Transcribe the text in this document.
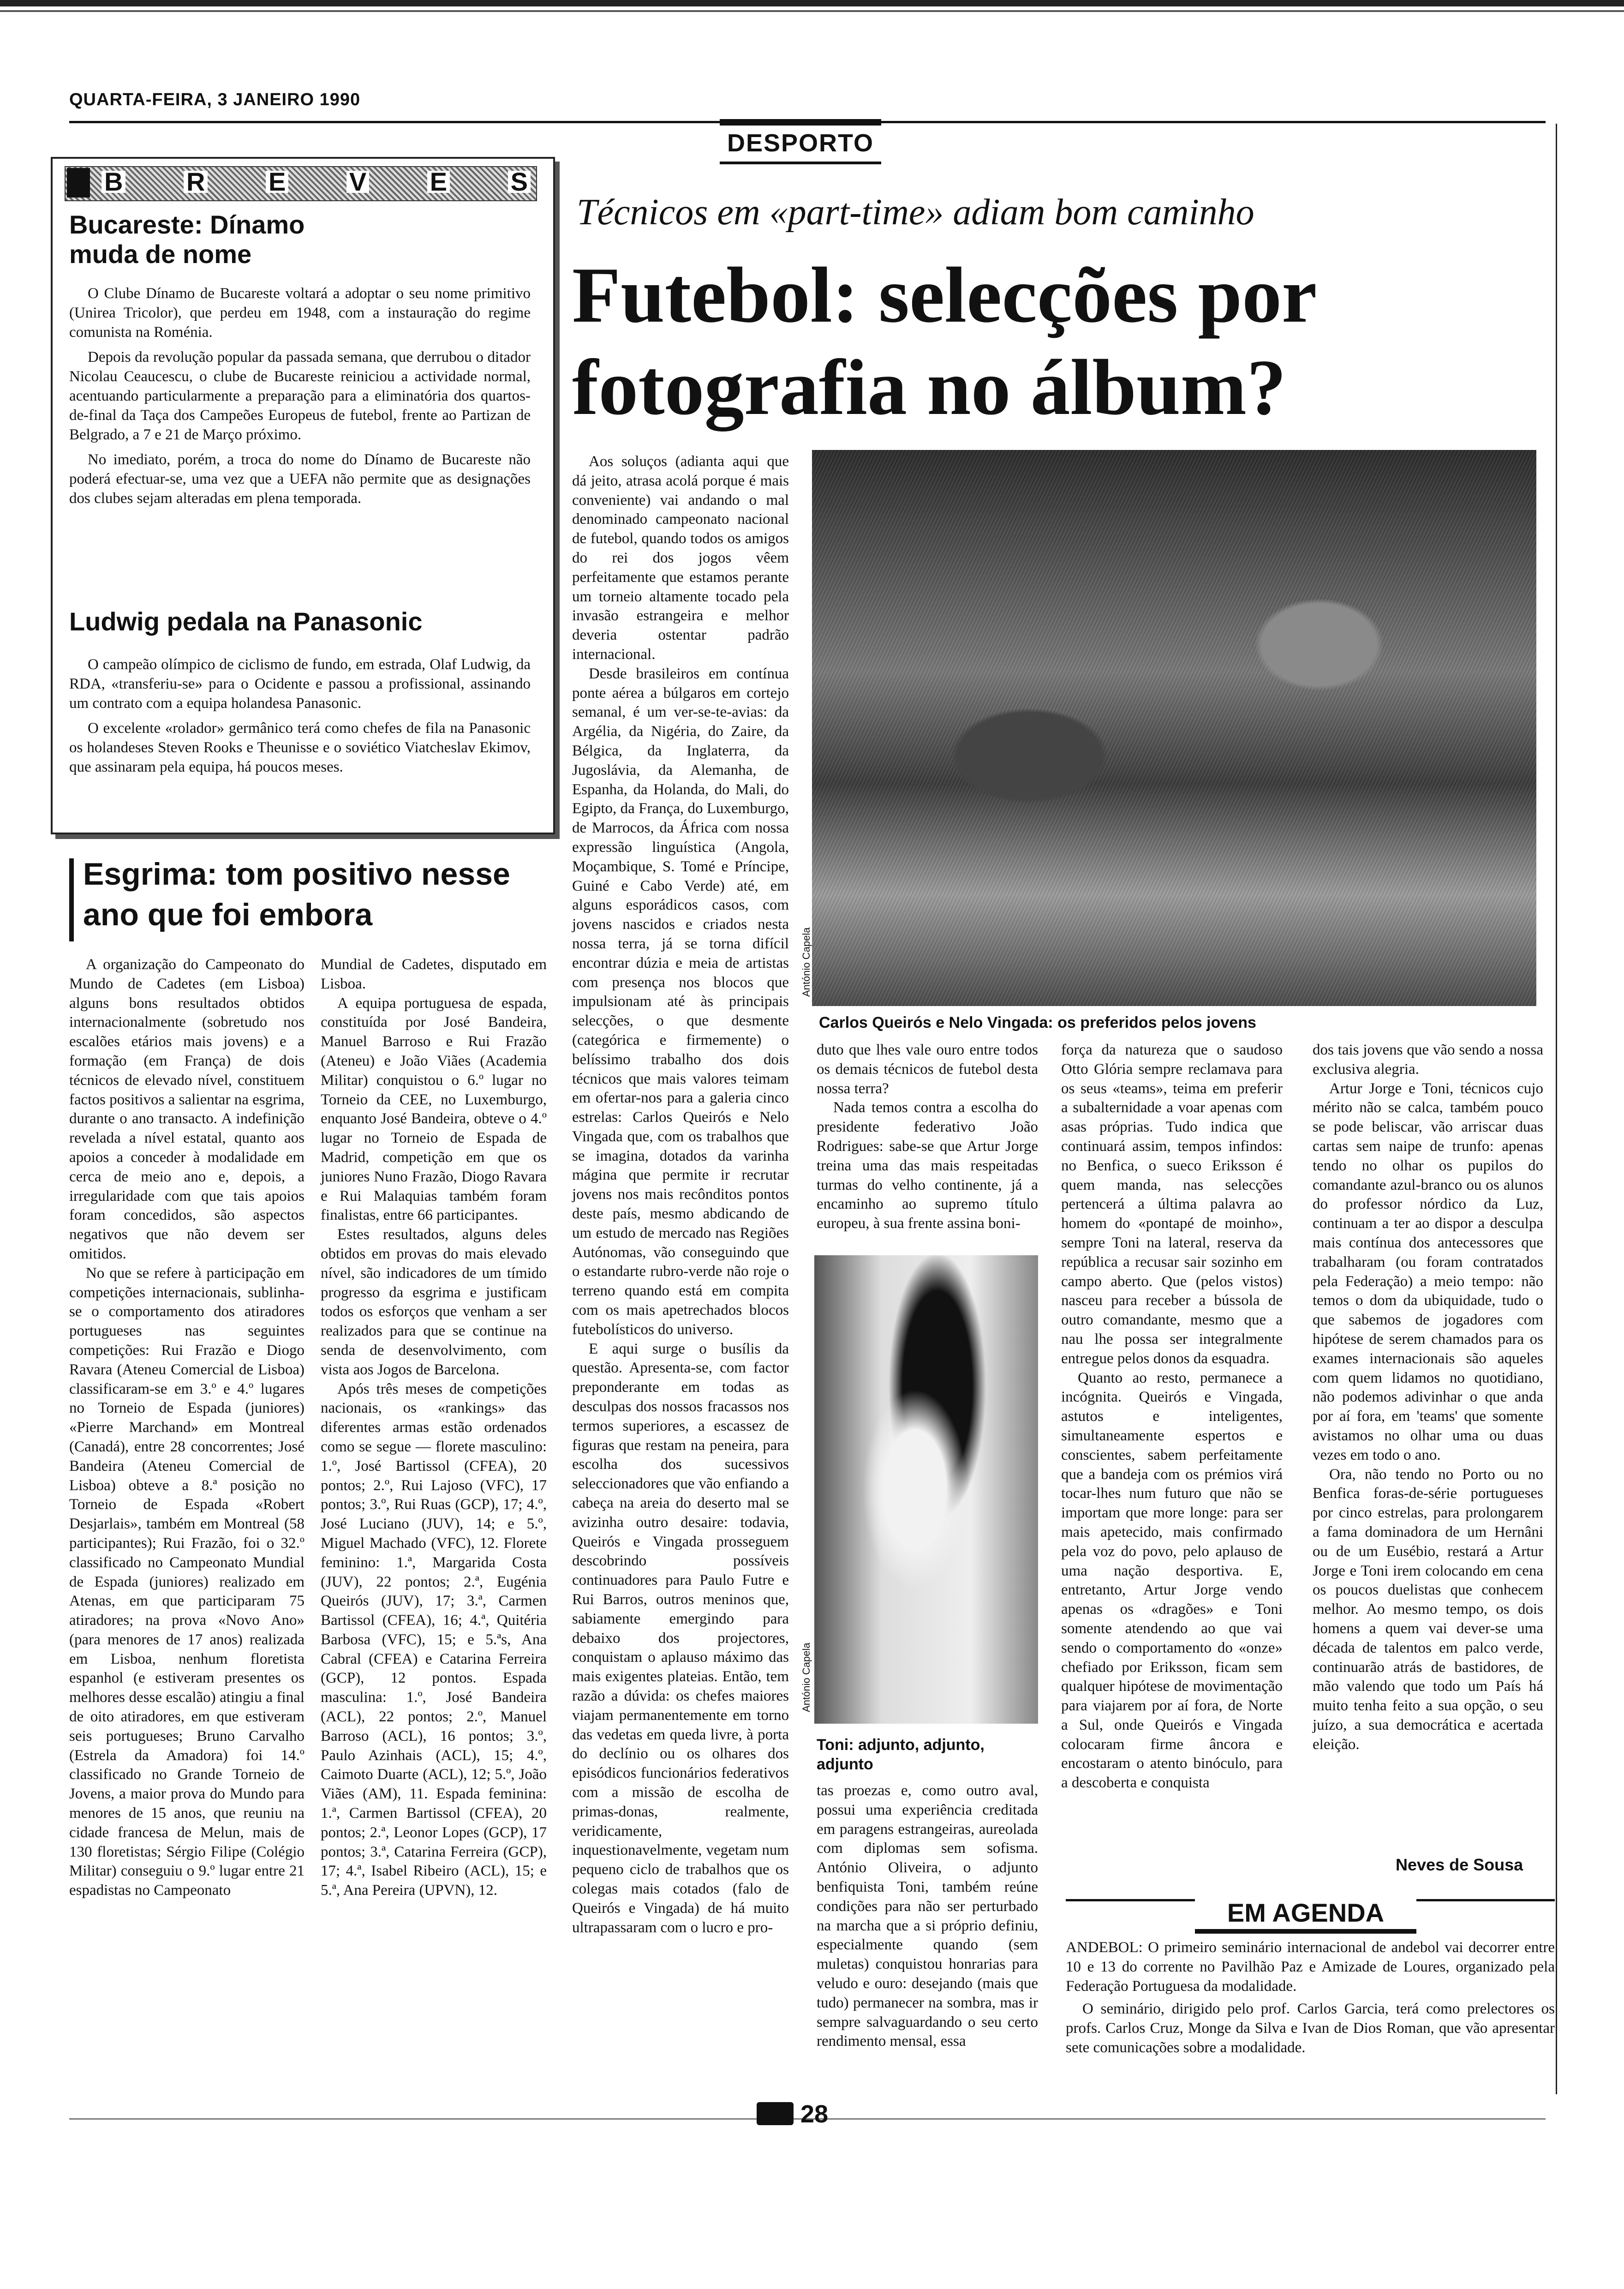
QUARTA-FEIRA, 3 JANEIRO 1990
DESPORTO
B R E V E S
Bucareste: Dínamo muda de nome

O Clube Dínamo de Bucareste voltará a adoptar o seu nome primitivo (Unirea Tricolor), que perdeu em 1948, com a instauração do regime comunista na Roménia.

Depois da revolução popular da passada semana, que derrubou o ditador Nicolau Ceaucescu, o clube de Bucareste reiniciou a actividade normal, acentuando particularmente a preparação para a eliminatória dos quartos-de-final da Taça dos Campeões Europeus de futebol, frente ao Partizan de Belgrado, a 7 e 21 de Março próximo.

No imediato, porém, a troca do nome do Dínamo de Bucareste não poderá efectuar-se, uma vez que a UEFA não permite que as designações dos clubes sejam alteradas em plena temporada.

Ludwig pedala na Panasonic

O campeão olímpico de ciclismo de fundo, em estrada, Olaf Ludwig, da RDA, «transferiu-se» para o Ocidente e passou a profissional, assinando um contrato com a equipa holandesa Panasonic.

O excelente «rolador» germânico terá como chefes de fila na Panasonic os holandeses Steven Rooks e Theunisse e o soviético Viatcheslav Ekimov, que assinaram pela equipa, há poucos meses.

Esgrima: tom positivo nesse ano que foi embora

A organização do Campeonato do Mundo de Cadetes (em Lisboa) alguns bons resultados obtidos internacionalmente (sobretudo nos escalões etários mais jovens) e a formação (em França) de dois técnicos de elevado nível, constituem factos positivos a salientar na esgrima, durante o ano transacto. A indefinição revelada a nível estatal, quanto aos apoios a conceder à modalidade em cerca de meio ano e, depois, a irregularidade com que tais apoios foram concedidos, são aspectos negativos que não devem ser omitidos.

No que se refere à participação em competições internacionais, sublinha-se o comportamento dos atiradores portugueses nas seguintes competições: Rui Frazão e Diogo Ravara (Ateneu Comercial de Lisboa) classificaram-se em 3.º e 4.º lugares no Torneio de Espada (juniores) «Pierre Marchand» em Montreal (Canadá), entre 28 concorrentes; José Bandeira (Ateneu Comercial de Lisboa) obteve a 8.ª posição no Torneio de Espada «Robert Desjarlais», também em Montreal (58 participantes); Rui Frazão, foi o 32.º classificado no Campeonato Mundial de Espada (juniores) realizado em Atenas, em que participaram 75 atiradores; na prova «Novo Ano» (para menores de 17 anos) realizada em Lisboa, nenhum floretista espanhol (e estiveram presentes os melhores desse escalão) atingiu a final de oito atiradores, em que estiveram seis portugueses; Bruno Carvalho (Estrela da Amadora) foi 14.º classificado no Grande Torneio de Jovens, a maior prova do Mundo para menores de 15 anos, que reuniu na cidade francesa de Melun, mais de 130 floretistas; Sérgio Filipe (Colégio Militar) conseguiu o 9.º lugar entre 21 espadistas no Campeonato

Mundial de Cadetes, disputado em Lisboa.

A equipa portuguesa de espada, constituída por José Bandeira, Manuel Barroso e Rui Frazão (Ateneu) e João Viães (Academia Militar) conquistou o 6.º lugar no Torneio da CEE, no Luxemburgo, enquanto José Bandeira, obteve o 4.º lugar no Torneio de Espada de Madrid, competição em que os juniores Nuno Frazão, Diogo Ravara e Rui Malaquias também foram finalistas, entre 66 participantes.

Estes resultados, alguns deles obtidos em provas do mais elevado nível, são indicadores de um tímido progresso da esgrima e justificam todos os esforços que venham a ser realizados para que se continue na senda de desenvolvimento, com vista aos Jogos de Barcelona.

Após três meses de competições nacionais, os «rankings» das diferentes armas estão ordenados como se segue — florete masculino: 1.º, José Bartissol (CFEA), 20 pontos; 2.º, Rui Lajoso (VFC), 17 pontos; 3.º, Rui Ruas (GCP), 17; 4.º, José Luciano (JUV), 14; e 5.º, Miguel Machado (VFC), 12. Florete feminino: 1.ª, Margarida Costa (JUV), 22 pontos; 2.ª, Eugénia Queirós (JUV), 17; 3.ª, Carmen Bartissol (CFEA), 16; 4.ª, Quitéria Barbosa (VFC), 15; e 5.ªs, Ana Cabral (CFEA) e Catarina Ferreira (GCP), 12 pontos. Espada masculina: 1.º, José Bandeira (ACL), 22 pontos; 2.º, Manuel Barroso (ACL), 16 pontos; 3.º, Paulo Azinhais (ACL), 15; 4.º, Caimoto Duarte (ACL), 12; 5.º, João Viães (AM), 11. Espada feminina: 1.ª, Carmen Bartissol (CFEA), 20 pontos; 2.ª, Leonor Lopes (GCP), 17 pontos; 3.ª, Catarina Ferreira (GCP), 17; 4.ª, Isabel Ribeiro (ACL), 15; e 5.ª, Ana Pereira (UPVN), 12.

Técnicos em «part-time» adiam bom caminho
Futebol: selecções por fotografia no álbum?

Aos soluços (adianta aqui que dá jeito, atrasa acolá porque é mais conveniente) vai andando o mal denominado campeonato nacional de futebol, quando todos os amigos do rei dos jogos vêem perfeitamente que estamos perante um torneio altamente tocado pela invasão estrangeira e melhor deveria ostentar padrão internacional.

Desde brasileiros em contínua ponte aérea a búlgaros em cortejo semanal, é um ver-se-te-avias: da Argélia, da Nigéria, do Zaire, da Bélgica, da Inglaterra, da Jugoslávia, da Alemanha, de Espanha, da Holanda, do Mali, do Egipto, da França, do Luxemburgo, de Marrocos, da África com nossa expressão linguística (Angola, Moçambique, S. Tomé e Príncipe, Guiné e Cabo Verde) até, em alguns esporádicos casos, com jovens nascidos e criados nesta nossa terra, já se torna difícil encontrar dúzia e meia de artistas com presença nos blocos que impulsionam até às principais selecções, o que desmente (categórica e firmemente) o belíssimo trabalho dos dois técnicos que mais valores teimam em ofertar-nos para a galeria cinco estrelas: Carlos Queirós e Nelo Vingada que, com os trabalhos que se imagina, dotados da varinha mágina que permite ir recrutar jovens nos mais recônditos pontos deste país, mesmo abdicando de um estudo de mercado nas Regiões Autónomas, vão conseguindo que o estandarte rubro-verde não roje o terreno quando está em compita com os mais apetrechados blocos futebolísticos do universo.

E aqui surge o busílis da questão. Apresenta-se, com factor preponderante em todas as desculpas dos nossos fracassos nos termos superiores, a escassez de figuras que restam na peneira, para escolha dos sucessivos seleccionadores que vão enfiando a cabeça na areia do deserto mal se avizinha outro desaire: todavia, Queirós e Vingada prosseguem descobrindo possíveis continuadores para Paulo Futre e Rui Barros, outros meninos que, sabiamente emergindo para debaixo dos projectores, conquistam o aplauso máximo das mais exigentes plateias. Então, tem razão a dúvida: os chefes maiores viajam permanentemente em torno das vedetas em queda livre, à porta do declínio ou os olhares dos episódicos funcionários federativos com a missão de escolha de primas-donas, realmente, veridicamente, inquestionavelmente, vegetam num pequeno ciclo de trabalhos que os colegas mais cotados (falo de Queirós e Vingada) de há muito ultrapassaram com o lucro e pro-

António Capela
Carlos Queirós e Nelo Vingada: os preferidos pelos jovens

duto que lhes vale ouro entre todos os demais técnicos de futebol desta nossa terra?

Nada temos contra a escolha do presidente federativo João Rodrigues: sabe-se que Artur Jorge treina uma das mais respeitadas turmas do velho continente, já a encaminho ao supremo título europeu, à sua frente assina boni-

António Capela
Toni: adjunto, adjunto, adjunto

tas proezas e, como outro aval, possui uma experiência creditada em paragens estrangeiras, aureolada com diplomas sem sofisma. António Oliveira, o adjunto benfiquista Toni, também reúne condições para não ser perturbado na marcha que a si próprio definiu, especialmente quando (sem muletas) conquistou honrarias para veludo e ouro: desejando (mais que tudo) permanecer na sombra, mas ir sempre salvaguardando o seu certo rendimento mensal, essa

força da natureza que o saudoso Otto Glória sempre reclamava para os seus «teams», teima em preferir a subalternidade a voar apenas com asas próprias. Tudo indica que continuará assim, tempos infindos: no Benfica, o sueco Eriksson é quem manda, nas selecções pertencerá a última palavra ao homem do «pontapé de moinho», sempre Toni na lateral, reserva da república a recusar sair sozinho em campo aberto. Que (pelos vistos) nasceu para receber a bússola de outro comandante, mesmo que a nau lhe possa ser integralmente entregue pelos donos da esquadra.

Quanto ao resto, permanece a incógnita. Queirós e Vingada, astutos e inteligentes, simultaneamente espertos e conscientes, sabem perfeitamente que a bandeja com os prémios virá tocar-lhes num futuro que não se importam que more longe: para ser mais apetecido, mais confirmado pela voz do povo, pelo aplauso de uma nação desportiva. E, entretanto, Artur Jorge vendo apenas os «dragões» e Toni somente atendendo ao que vai sendo o comportamento do «onze» chefiado por Eriksson, ficam sem qualquer hipótese de movimentação para viajarem por aí fora, de Norte a Sul, onde Queirós e Vingada colocaram firme âncora e encostaram o atento binóculo, para a descoberta e conquista

dos tais jovens que vão sendo a nossa exclusiva alegria.

Artur Jorge e Toni, técnicos cujo mérito não se calca, também pouco se pode beliscar, vão arriscar duas cartas sem naipe de trunfo: apenas tendo no olhar os pupilos do comandante azul-branco ou os alunos do professor nórdico da Luz, continuam a ter ao dispor a desculpa mais contínua dos antecessores que trabalharam (ou foram contratados pela Federação) a meio tempo: não temos o dom da ubiquidade, tudo o que sabemos de jogadores com hipótese de serem chamados para os exames internacionais são aqueles com quem lidamos no quotidiano, não podemos adivinhar o que anda por aí fora, em 'teams' que somente avistamos no olhar uma ou duas vezes em todo o ano.

Ora, não tendo no Porto ou no Benfica foras-de-série portugueses por cinco estrelas, para prolongarem a fama dominadora de um Hernâni ou de um Eusébio, restará a Artur Jorge e Toni irem colocando em cena os poucos duelistas que conhecem melhor. Ao mesmo tempo, os dois homens a quem vai dever-se uma década de talentos em palco verde, continuarão atrás de bastidores, de mão valendo que todo um País há muito tenha feito a sua opção, o seu juízo, a sua democrática e acertada eleição.

Neves de Sousa
EM AGENDA

ANDEBOL: O primeiro seminário internacional de andebol vai decorrer entre 10 e 13 do corrente no Pavilhão Paz e Amizade de Loures, organizado pela Federação Portuguesa da modalidade.

O seminário, dirigido pelo prof. Carlos Garcia, terá como prelectores os profs. Carlos Cruz, Monge da Silva e Ivan de Dios Roman, que vão apresentar sete comunicações sobre a modalidade.

28
